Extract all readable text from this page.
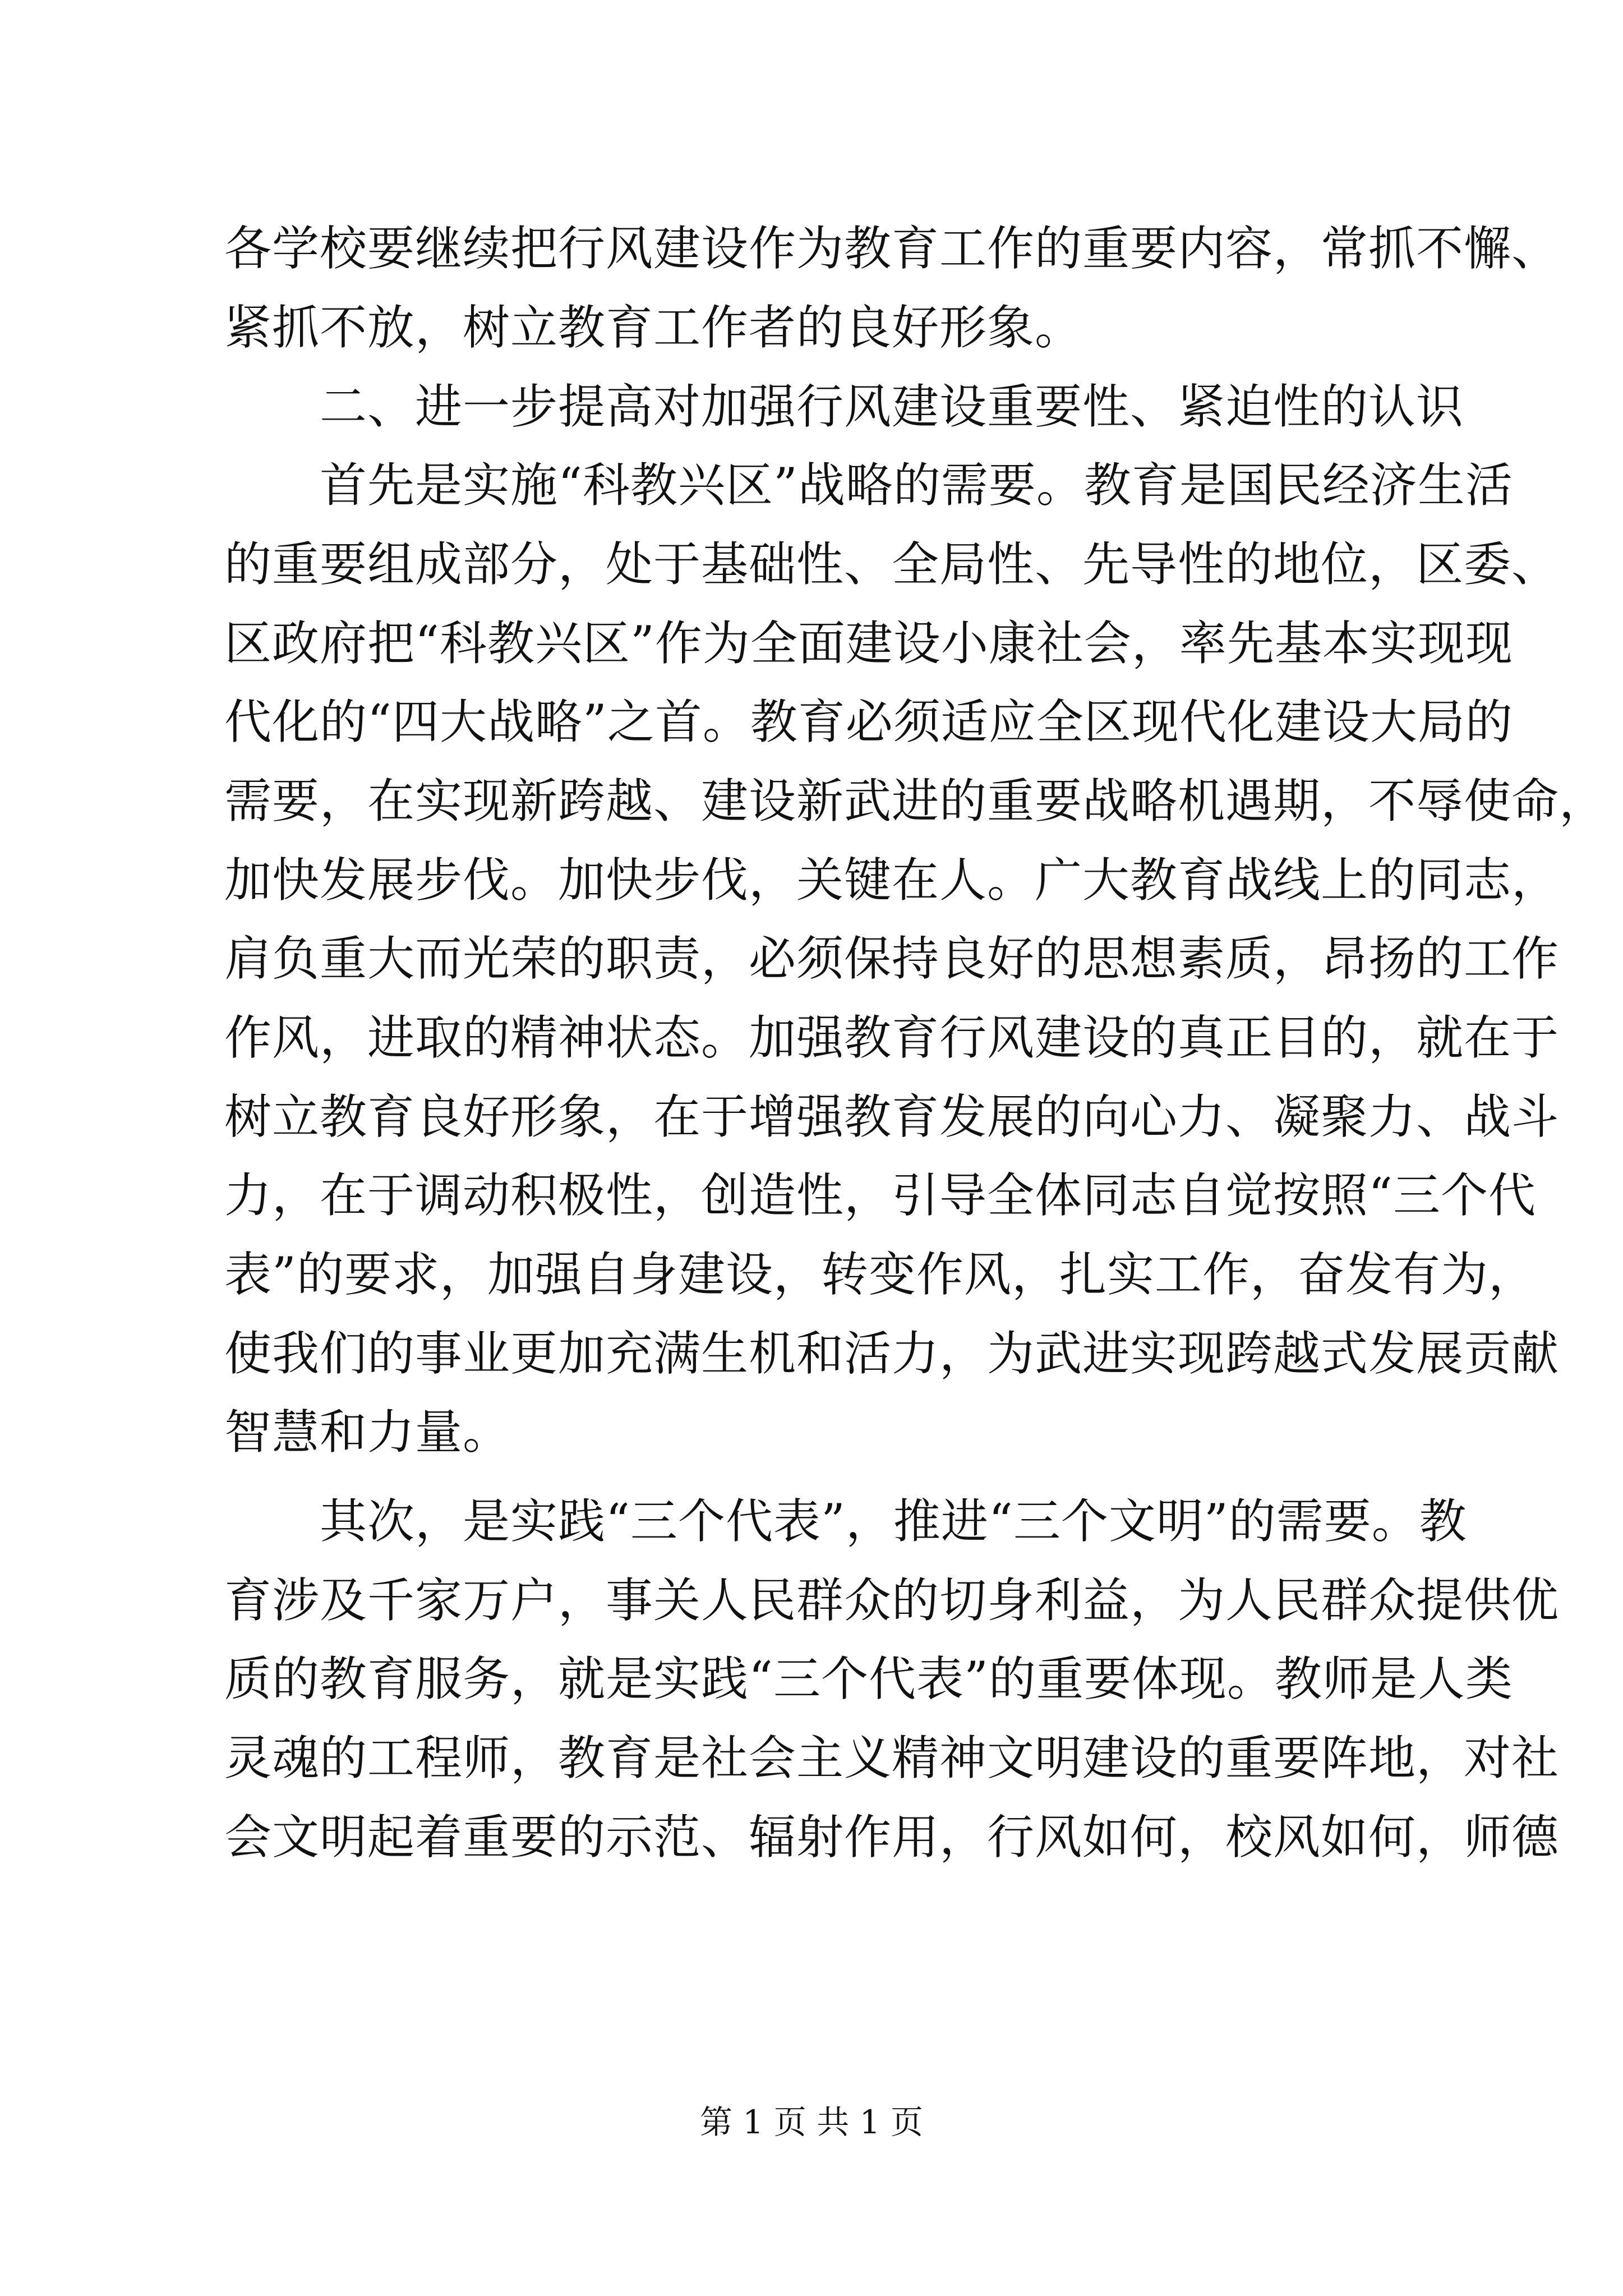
各学校要继续把行风建设作为教育工作的重要内容，常抓不懈、
紧抓不放，树立教育工作者的良好形象。
二、进一步提高对加强行风建设重要性、紧迫性的认识
首先是实施“科教兴区”战略的需要。教育是国民经济生活
的重要组成部分，处于基础性、全局性、先导性的地位，区委、
区政府把“科教兴区”作为全面建设小康社会，率先基本实现现
代化的“四大战略”之首。教育必须适应全区现代化建设大局的
需要，在实现新跨越、建设新武进的重要战略机遇期，不辱使命，
加快发展步伐。加快步伐，关键在人。广大教育战线上的同志，
肩负重大而光荣的职责，必须保持良好的思想素质，昂扬的工作
作风，进取的精神状态。加强教育行风建设的真正目的，就在于
树立教育良好形象，在于增强教育发展的向心力、凝聚力、战斗
力，在于调动积极性，创造性，引导全体同志自觉按照“三个代
表”的要求，加强自身建设，转变作风，扎实工作，奋发有为，
使我们的事业更加充满生机和活力，为武进实现跨越式发展贡献
智慧和力量。
其次，是实践“三个代表”，推进“三个文明”的需要。教
育涉及千家万户，事关人民群众的切身利益，为人民群众提供优
质的教育服务，就是实践“三个代表”的重要体现。教师是人类
灵魂的工程师，教育是社会主义精神文明建设的重要阵地，对社
会文明起着重要的示范、辐射作用，行风如何，校风如何，师德
第 1 页 共 1 页
